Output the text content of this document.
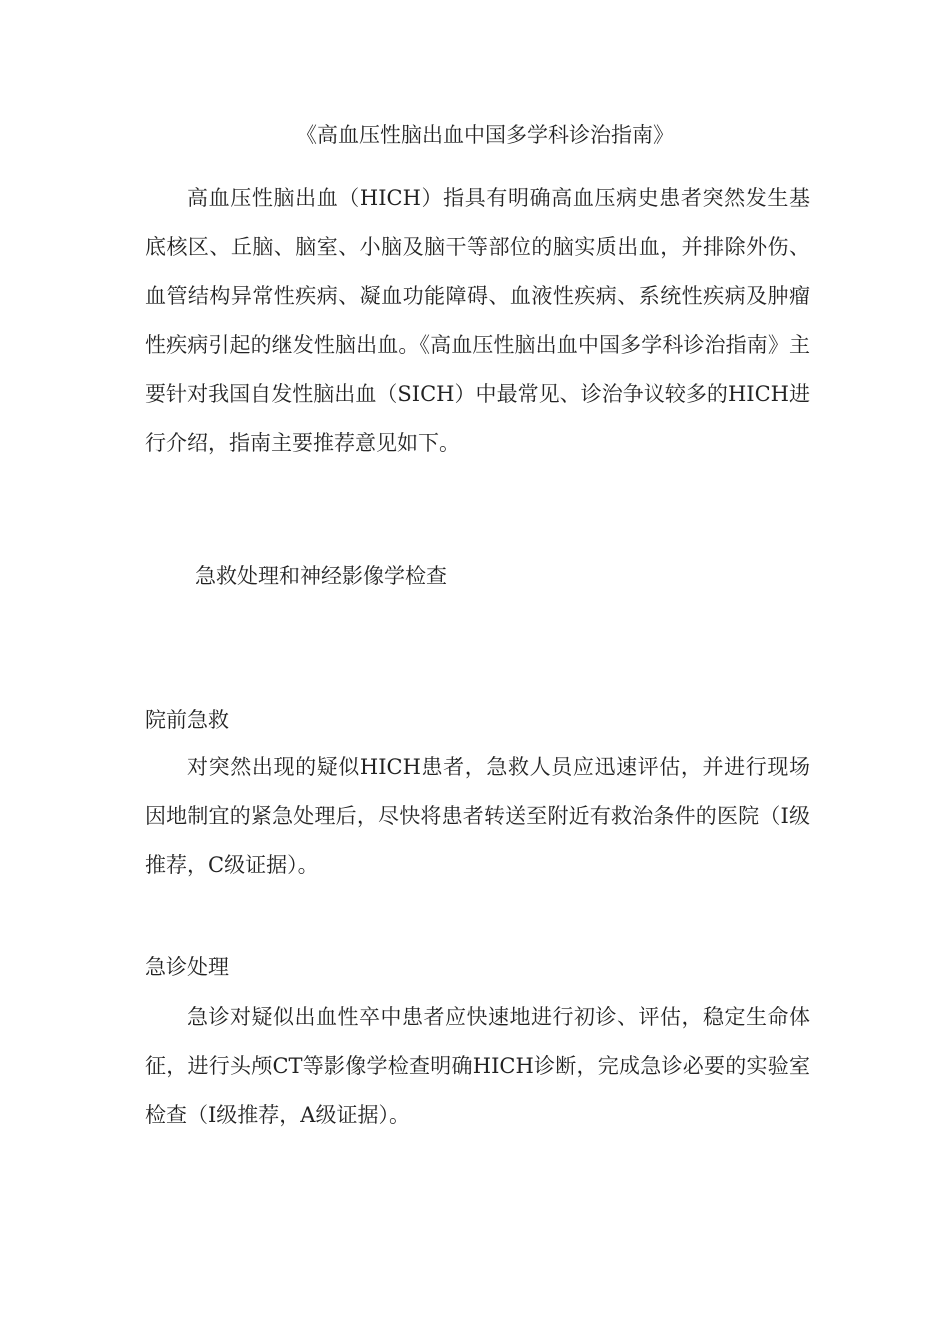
《高血压性脑出血中国多学科诊治指南》

高血压性脑出血（HICH）指具有明确高血压病史患者突然发生基底核区、丘脑、脑室、小脑及脑干等部位的脑实质出血，并排除外伤、血管结构异常性疾病、凝血功能障碍、血液性疾病、系统性疾病及肿瘤性疾病引起的继发性脑出血。《高血压性脑出血中国多学科诊治指南》主要针对我国自发性脑出血（SICH）中最常见、诊治争议较多的HICH进行介绍，指南主要推荐意见如下。

急救处理和神经影像学检查
院前急救

对突然出现的疑似HICH患者，急救人员应迅速评估，并进行现场因地制宜的紧急处理后，尽快将患者转送至附近有救治条件的医院（I级推荐，C级证据）。

急诊处理

急诊对疑似出血性卒中患者应快速地进行初诊、评估，稳定生命体征，进行头颅CT等影像学检查明确HICH诊断，完成急诊必要的实验室检查（I级推荐，A级证据）。
